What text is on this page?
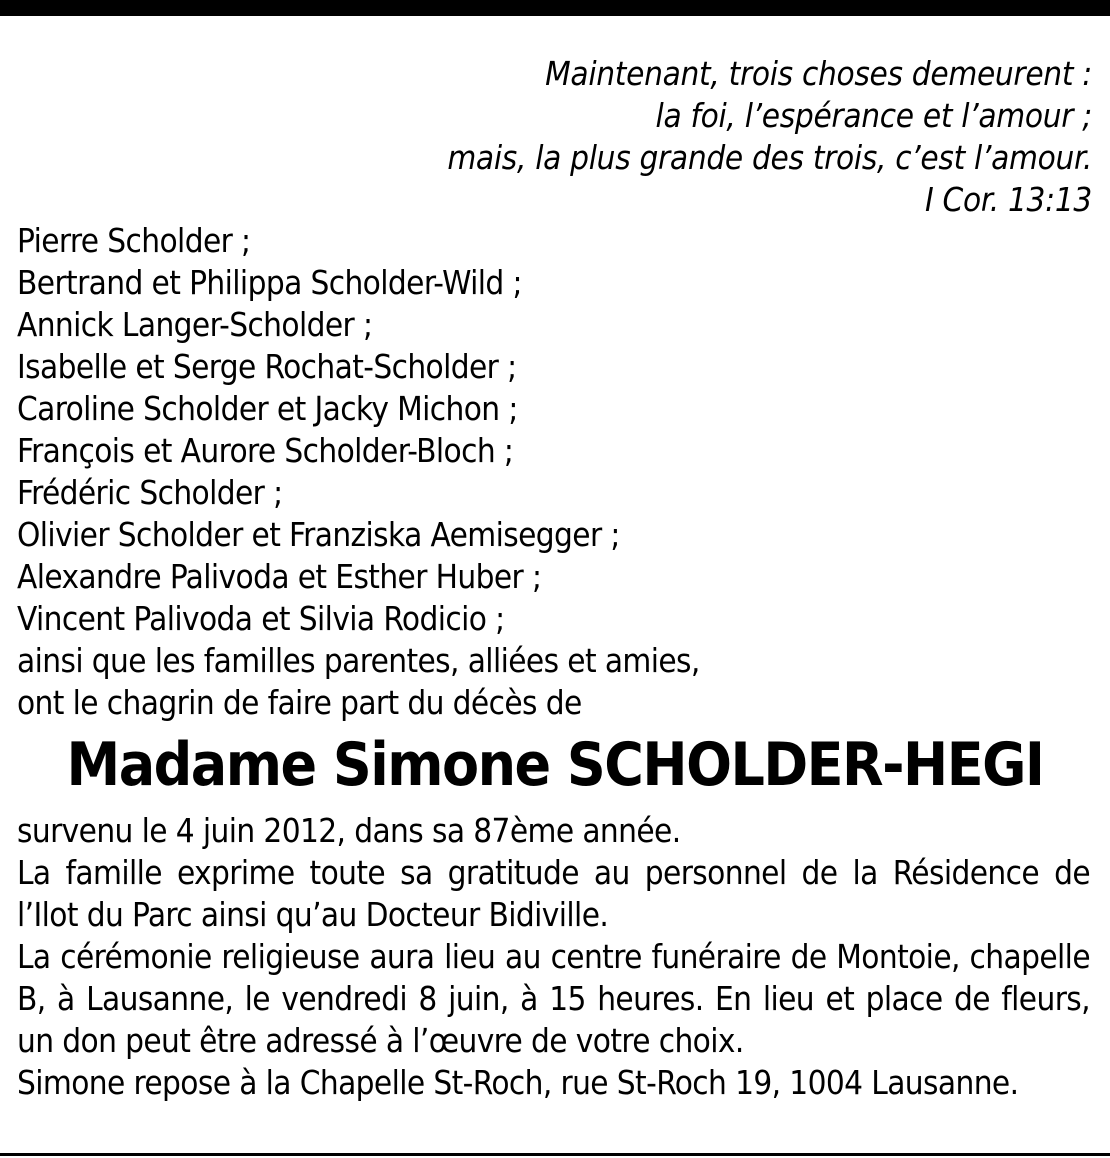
Maintenant, trois choses demeurent :
la foi, l’espérance et l’amour ;
mais, la plus grande des trois, c’est l’amour.
I Cor. 13:13
Pierre Scholder ;
Bertrand et Philippa Scholder-Wild ;
Annick Langer-Scholder ;
Isabelle et Serge Rochat-Scholder ;
Caroline Scholder et Jacky Michon ;
François et Aurore Scholder-Bloch ;
Frédéric Scholder ;
Olivier Scholder et Franziska Aemisegger ;
Alexandre Palivoda et Esther Huber ;
Vincent Palivoda et Silvia Rodicio ;
ainsi que les familles parentes, alliées et amies,
ont le chagrin de faire part du décès de
Madame Simone SCHOLDER-HEGI

survenu le 4 juin 2012, dans sa 87ème année.

La famille exprime toute sa gratitude au personnel de la Résidence de l’Ilot du Parc ainsi qu’au Docteur Bidiville.

La cérémonie religieuse aura lieu au centre funéraire de Montoie, chapelle B, à Lausanne, le vendredi 8 juin, à 15 heures. En lieu et place de fleurs, un don peut être adressé à l’œuvre de votre choix.

Simone repose à la Chapelle St-Roch, rue St-Roch 19, 1004 Lausanne.
